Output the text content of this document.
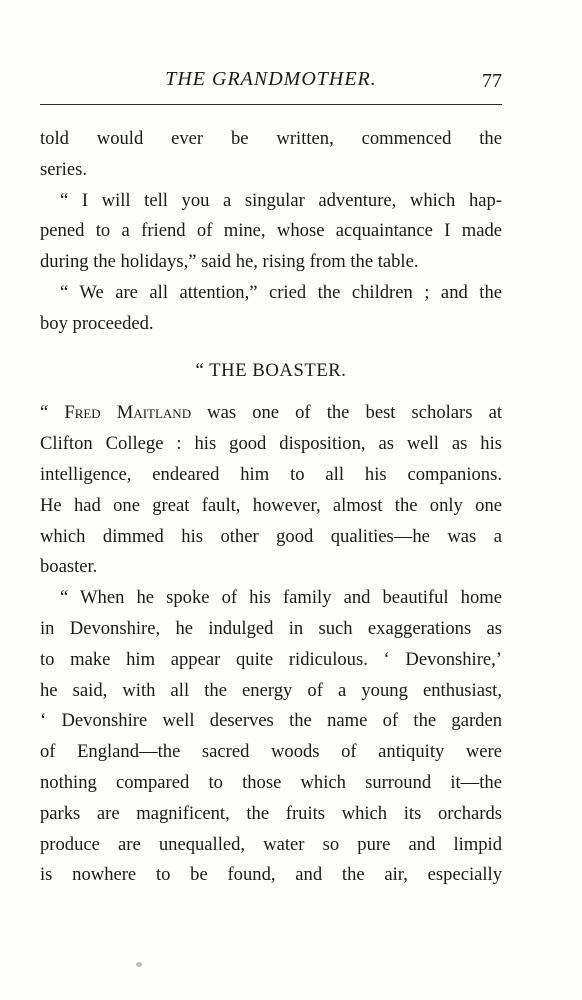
THE GRANDMOTHER.	77
told would ever be written, commenced the
series.
“ I will tell you a singular adventure, which hap-
pened to a friend of mine, whose acquaintance I made
during the holidays,” said he, rising from the table.
“ We are all attention,” cried the children ; and the
boy proceeded.
“ THE BOASTER.
“ Fred Maitland was one of the best scholars at
Clifton College : his good disposition, as well as his
intelligence, endeared him to all his companions.
He had one great fault, however, almost the only one
which dimmed his other good qualities—he was a
boaster.
“ When he spoke of his family and beautiful home
in Devonshire, he indulged in such exaggerations as
to make him appear quite ridiculous. ‘ Devonshire,’
he said, with all the energy of a young enthusiast,
‘ Devonshire well deserves the name of the garden
of England—the sacred woods of antiquity were
nothing compared to those which surround it—the
parks are magnificent, the fruits which its orchards
produce are unequalled, water so pure and limpid
is nowhere to be found, and the air, especially
